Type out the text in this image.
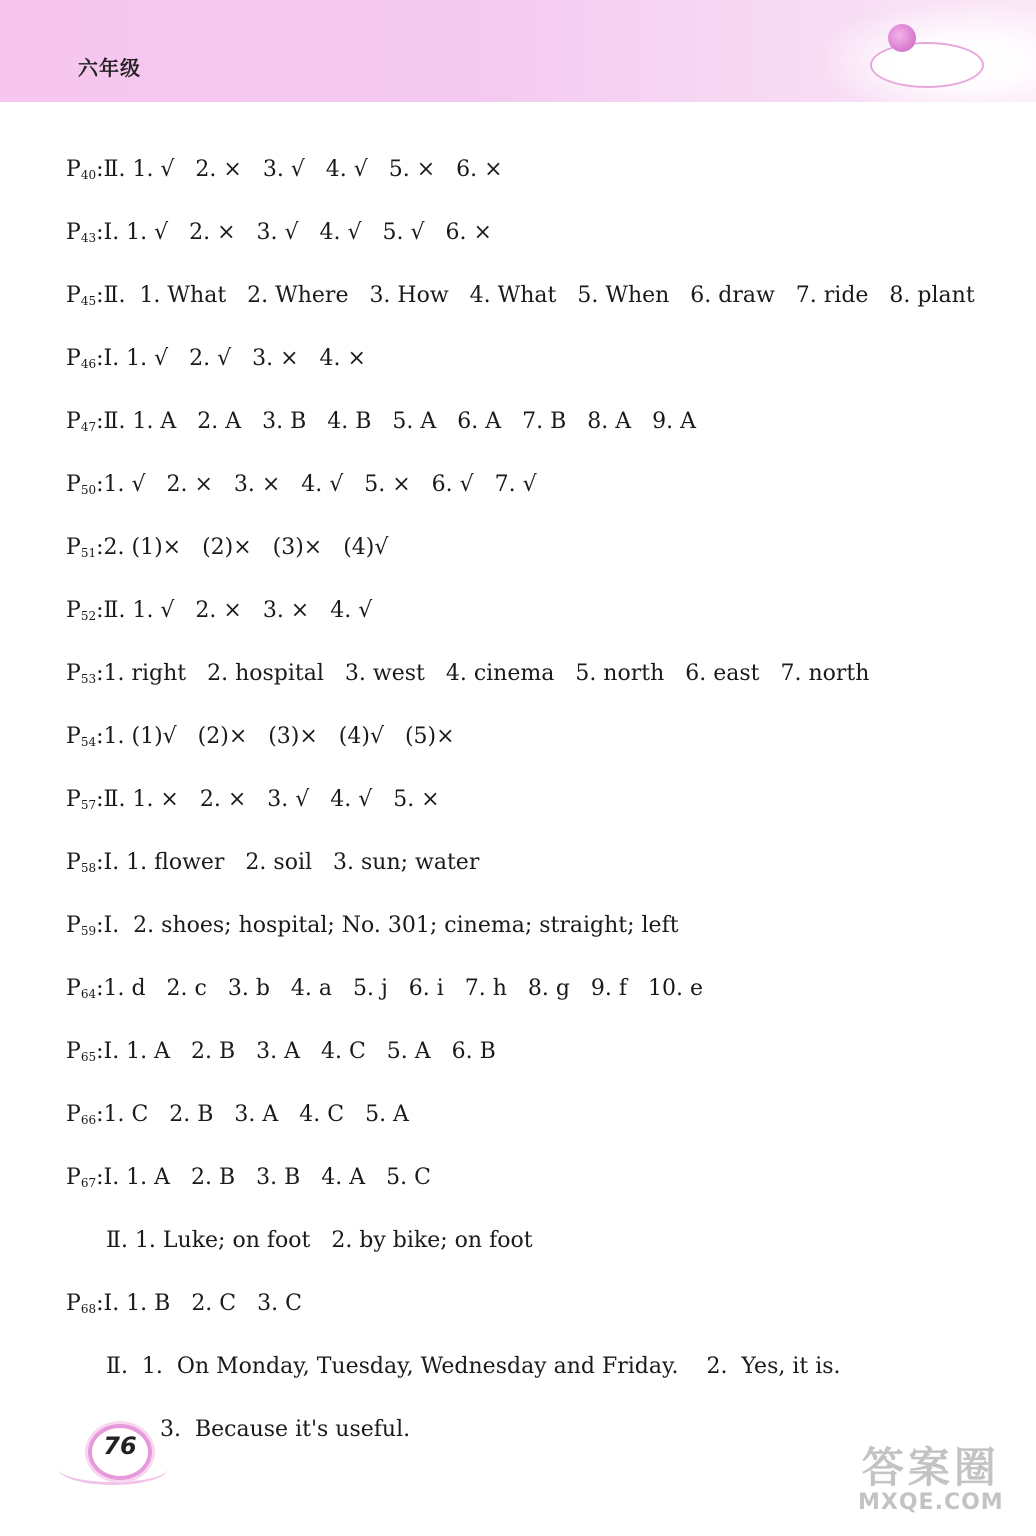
六年级

$P_{40}:Ⅱ$. 1. √   2. ×   3. √   4. √   5. ×   6. ×

$P_{43}:Ⅰ$. 1. √   2. ×   3. √   4. √   5. √   6. ×

$P_{45}:Ⅱ$.  1. What   2. Where   3. How   4. What   5. When   6. draw   7. ride   8. plant

$P_{46}:Ⅰ$. 1. √   2. √   3. ×   4. ×

$P_{47}:Ⅱ$. 1. A   2. A   3. B   4. B   5. A   6. A   7. B   8. A   9. A

$P_{50}:1$. √   2. ×   3. ×   4. √   5. ×   6. √   7. √

$P_{51}:2$. (1)×   (2)×   (3)×   (4)√

$P_{52}:Ⅱ$. 1. √   2. ×   3. ×   4. √

$P_{53}:1$. right   2. hospital   3. west   4. cinema   5. north   6. east   7. north

$P_{54}:1$. (1)√   (2)×   (3)×   (4)√   (5)×

$P_{57}:Ⅱ$. 1. ×   2. ×   3. √   4. √   5. ×

$P_{58}:Ⅰ$. 1. flower   2. soil   3. sun; water

$P_{59}:Ⅰ$.  2. shoes; hospital; No. 301; cinema; straight; left

$P_{64}:1$. d   2. c   3. b   4. a   5. j   6. i   7. h   8. g   9. f   10. e

$P_{65}:Ⅰ$. 1. A   2. B   3. A   4. C   5. A   6. B

$P_{66}:1$. C   2. B   3. A   4. C   5. A

$P_{67}:Ⅰ$. 1. A   2. B   3. B   4. A   5. C

Ⅱ. 1. Luke; on foot   2. by bike; on foot

$P_{68}:Ⅰ$. 1. B   2. C   3. C

Ⅱ.  1.  On Monday, Tuesday, Wednesday and Friday.    2.  Yes, it is.

3.  Because it's useful.

76	答案圈
MXQE.COM
